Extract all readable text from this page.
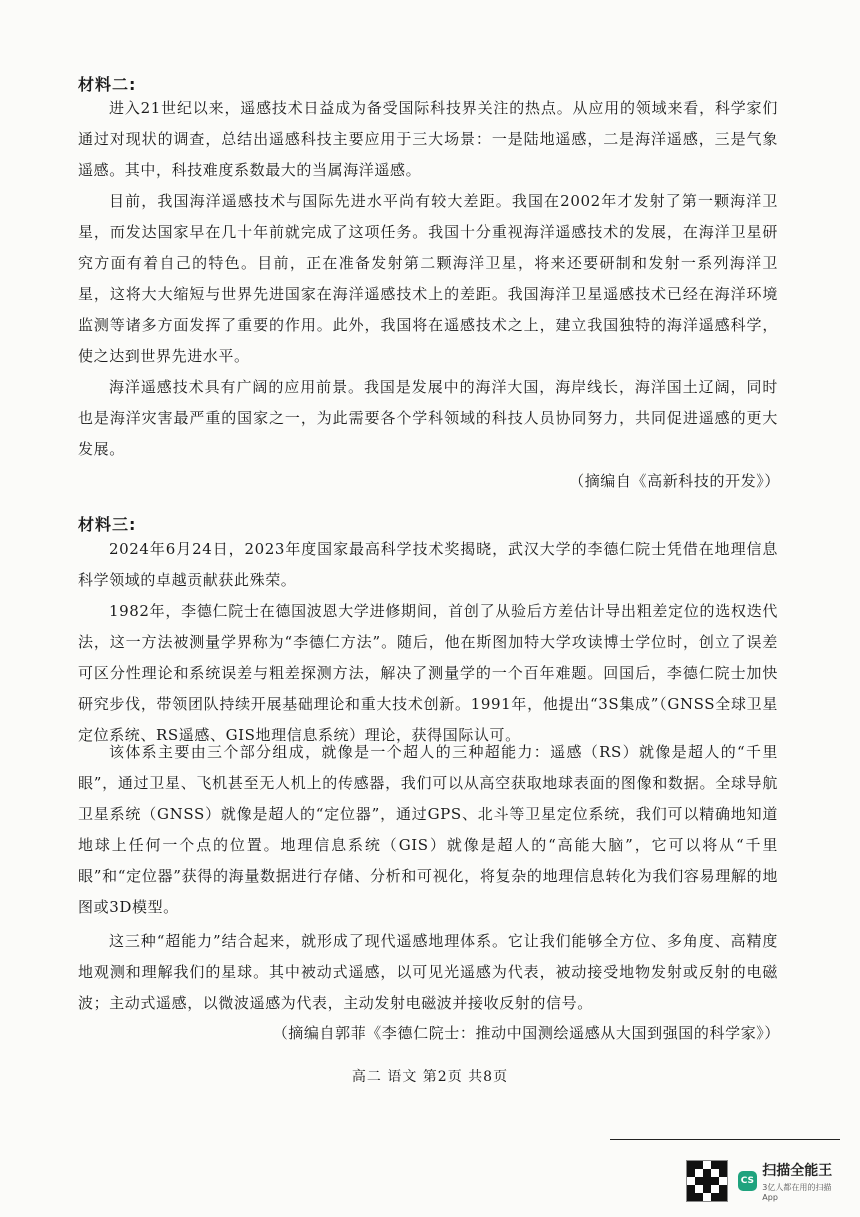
材料二:

进入21世纪以来，遥感技术日益成为备受国际科技界关注的热点。从应用的领域来看，科学家们通过对现状的调查，总结出遥感科技主要应用于三大场景：一是陆地遥感，二是海洋遥感，三是气象遥感。其中，科技难度系数最大的当属海洋遥感。

目前，我国海洋遥感技术与国际先进水平尚有较大差距。我国在2002年才发射了第一颗海洋卫星，而发达国家早在几十年前就完成了这项任务。我国十分重视海洋遥感技术的发展，在海洋卫星研究方面有着自己的特色。目前，正在准备发射第二颗海洋卫星，将来还要研制和发射一系列海洋卫星，这将大大缩短与世界先进国家在海洋遥感技术上的差距。我国海洋卫星遥感技术已经在海洋环境监测等诸多方面发挥了重要的作用。此外，我国将在遥感技术之上，建立我国独特的海洋遥感科学，使之达到世界先进水平。

海洋遥感技术具有广阔的应用前景。我国是发展中的海洋大国，海岸线长，海洋国土辽阔，同时也是海洋灾害最严重的国家之一，为此需要各个学科领域的科技人员协同努力，共同促进遥感的更大发展。

（摘编自《高新科技的开发》）
材料三:

2024年6月24日，2023年度国家最高科学技术奖揭晓，武汉大学的李德仁院士凭借在地理信息科学领域的卓越贡献获此殊荣。

1982年，李德仁院士在德国波恩大学进修期间，首创了从验后方差估计导出粗差定位的选权迭代法，这一方法被测量学界称为“李德仁方法”。随后，他在斯图加特大学攻读博士学位时，创立了误差可区分性理论和系统误差与粗差探测方法，解决了测量学的一个百年难题。回国后，李德仁院士加快研究步伐，带领团队持续开展基础理论和重大技术创新。1991年，他提出“3S集成”（GNSS全球卫星定位系统、RS遥感、GIS地理信息系统）理论，获得国际认可。

该体系主要由三个部分组成，就像是一个超人的三种超能力：遥感（RS）就像是超人的“千里眼”，通过卫星、飞机甚至无人机上的传感器，我们可以从高空获取地球表面的图像和数据。全球导航卫星系统（GNSS）就像是超人的“定位器”，通过GPS、北斗等卫星定位系统，我们可以精确地知道地球上任何一个点的位置。地理信息系统（GIS）就像是超人的“高能大脑”，它可以将从“千里眼”和“定位器”获得的海量数据进行存储、分析和可视化，将复杂的地理信息转化为我们容易理解的地图或3D模型。

这三种“超能力”结合起来，就形成了现代遥感地理体系。它让我们能够全方位、多角度、高精度地观测和理解我们的星球。其中被动式遥感，以可见光遥感为代表，被动接受地物发射或反射的电磁波；主动式遥感，以微波遥感为代表，主动发射电磁波并接收反射的信号。

（摘编自郭菲《李德仁院士：推动中国测绘遥感从大国到强国的科学家》）
高二 语文 第2页 共8页
CS
扫描全能王
3亿人都在用的扫描App
